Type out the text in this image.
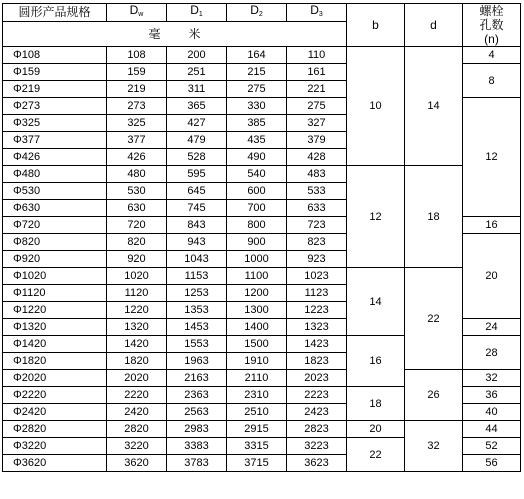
圆形产品规格	$D_w$	$D_1$	$D_2$	$D_3$	b	d	螺栓
孔数
(n)

毫米							
Φ108	108	200	164	110	10	14	4
Φ159	159	251	215	161			8
Φ219	219	311	275	221			
Φ273	273	365	330	275			12
Φ325	325	427	385	327			
Φ377	377	479	435	379			
Φ426	426	528	490	428			
Φ480	480	595	540	483	12	18	
Φ530	530	645	600	533			
Φ630	630	745	700	633			
Φ720	720	843	800	723			16
Φ820	820	943	900	823			20
Φ920	920	1043	1000	923			
Φ1020	1020	1153	1100	1023	14	22	
Φ1120	1120	1253	1200	1123			
Φ1220	1220	1353	1300	1223			
Φ1320	1320	1453	1400	1323			24
Φ1420	1420	1553	1500	1423	16		28
Φ1820	1820	1963	1910	1823			
Φ2020	2020	2163	2110	2023		26	32
Φ2220	2220	2363	2310	2223	18		36
Φ2420	2420	2563	2510	2423			40
Φ2820	2820	2983	2915	2823	20	32	44
Φ3220	3220	3383	3315	3223	22		52
Φ3620	3620	3783	3715	3623			56
